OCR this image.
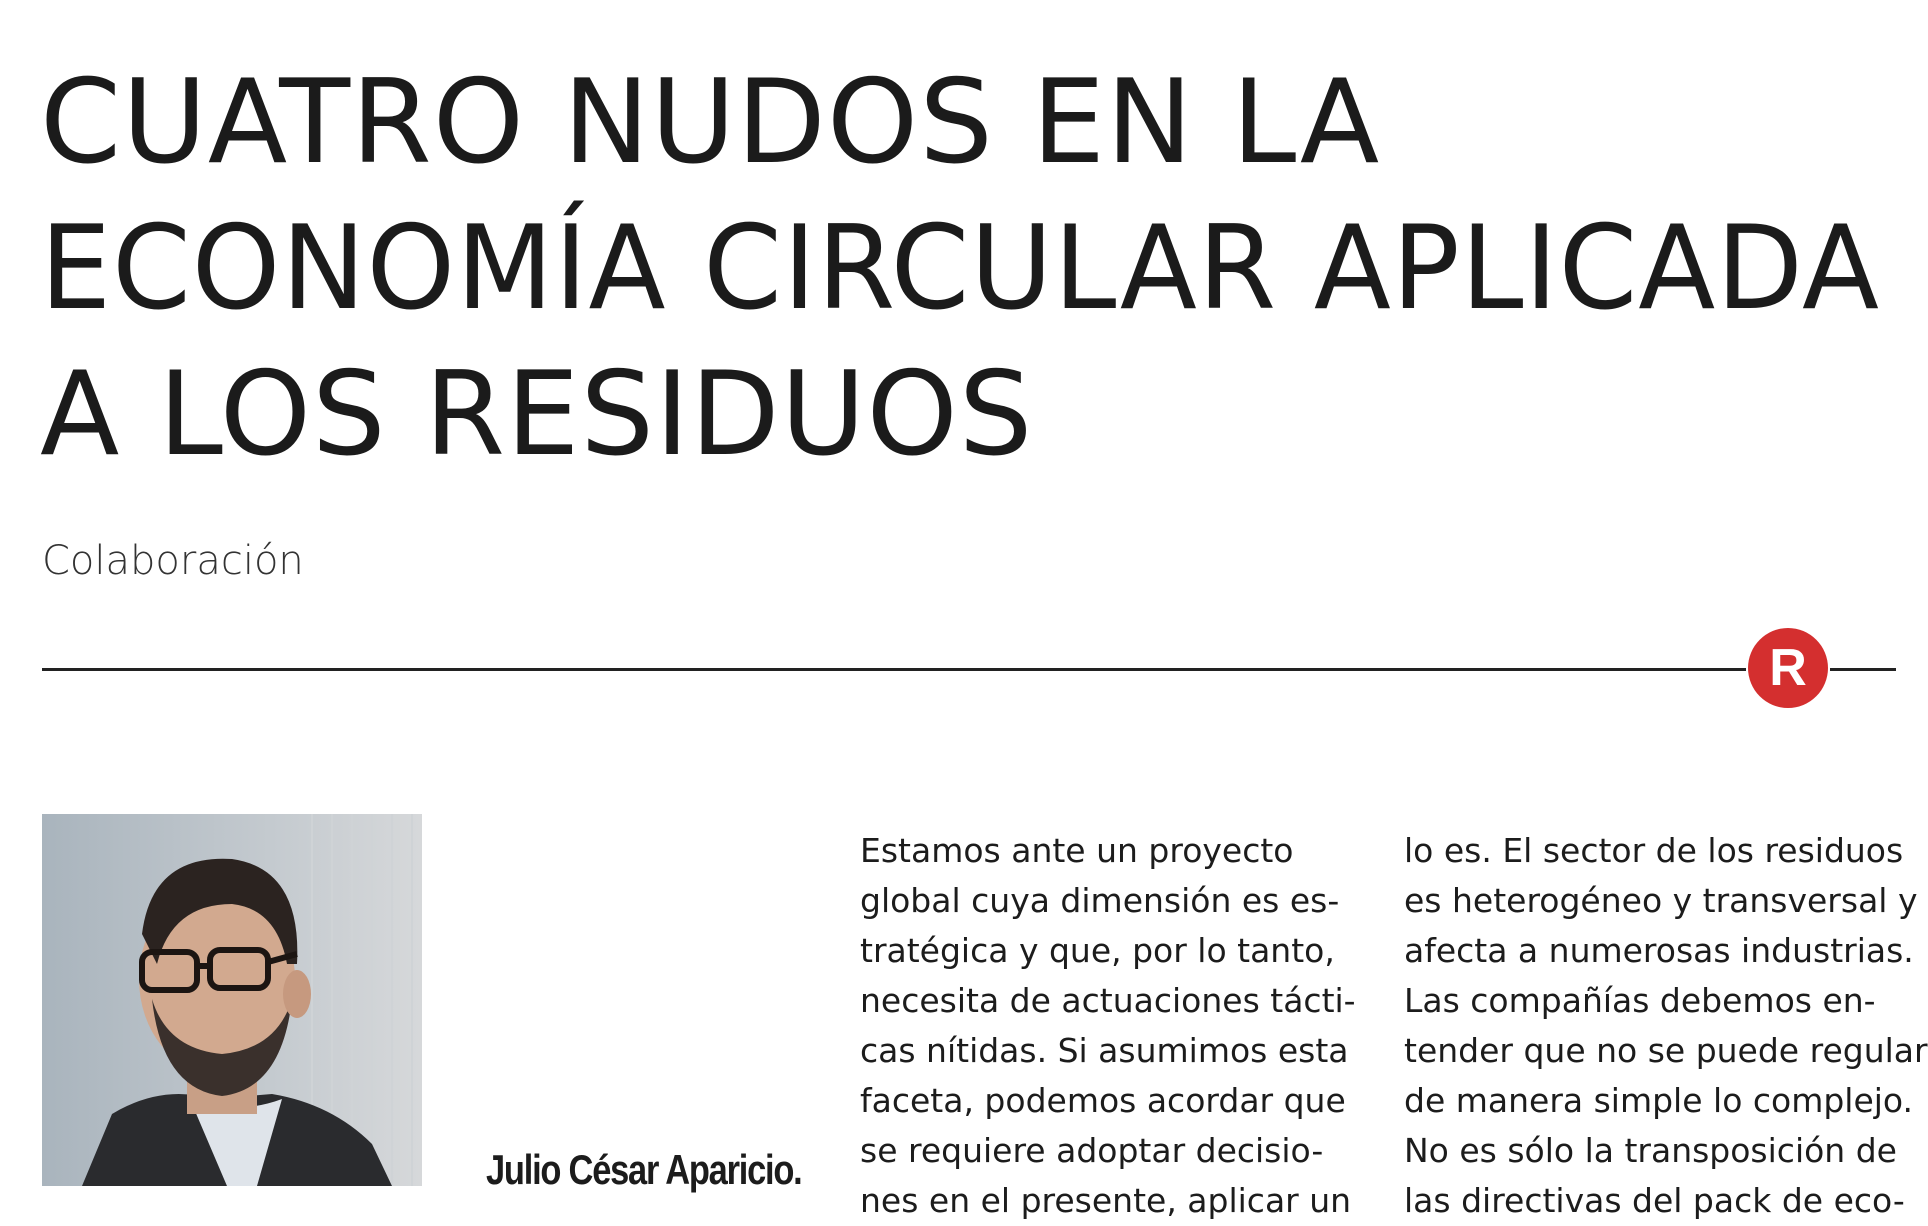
CUATRO NUDOS EN LA
ECONOMÍA CIRCULAR APLICADA
A LOS RESIDUOS
Colaboración
R
Julio César Aparicio.
Estamos ante un proyecto
global cuya dimensión es es-
tratégica y que, por lo tanto,
necesita de actuaciones tácti-
cas nítidas. Si asumimos esta
faceta, podemos acordar que
se requiere adoptar decisio-
nes en el presente, aplicar un
lo es. El sector de los residuos
es heterogéneo y transversal y
afecta a numerosas industrias.
Las compañías debemos en-
tender que no se puede regular
de manera simple lo complejo.
No es sólo la transposición de
las directivas del pack de eco-
